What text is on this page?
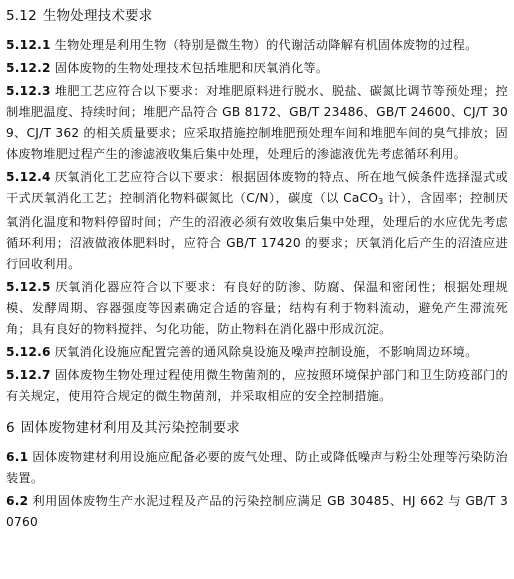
5.12 生物处理技术要求

5.12.1 生物处理是利用生物（特别是微生物）的代谢活动降解有机固体废物的过程。

5.12.2 固体废物的生物处理技术包括堆肥和厌氧消化等。

5.12.3 堆肥工艺应符合以下要求：对堆肥原料进行脱水、脱盐、碳氮比调节等预处理；控制堆肥温度、持续时间；堆肥产品符合 GB 8172、GB/T 23486、GB/T 24600、CJ/T 309、CJ/T 362 的相关质量要求；应采取措施控制堆肥预处理车间和堆肥车间的臭气排放；固体废物堆肥过程产生的渗滤液收集后集中处理，处理后的渗滤液优先考虑循环利用。

5.12.4 厌氧消化工艺应符合以下要求：根据固体废物的特点、所在地气候条件选择湿式或干式厌氧消化工艺；控制消化物料碳氮比（C/N），碳度（以 CaCO$_3$ 计），含固率；控制厌氧消化温度和物料停留时间；产生的沼液必须有效收集后集中处理，处理后的水应优先考虑循环利用；沼液做液体肥料时，应符合 GB/T 17420 的要求；厌氧消化后产生的沼渣应进行回收利用。

5.12.5 厌氧消化器应符合以下要求：有良好的防渗、防腐、保温和密闭性；根据处理规模、发酵周期、容器强度等因素确定合适的容量；结构有利于物料流动，避免产生滞流死角；具有良好的物料搅拌、匀化功能，防止物料在消化器中形成沉淀。

5.12.6 厌氧消化设施应配置完善的通风除臭设施及噪声控制设施，不影响周边环境。

5.12.7 固体废物生物处理过程使用微生物菌剂的，应按照环境保护部门和卫生防疫部门的有关规定，使用符合规定的微生物菌剂，并采取相应的安全控制措施。

6 固体废物建材利用及其污染控制要求

6.1 固体废物建材利用设施应配备必要的废气处理、防止或降低噪声与粉尘处理等污染防治装置。

6.2 利用固体废物生产水泥过程及产品的污染控制应满足 GB 30485、HJ 662 与 GB/T 30760
